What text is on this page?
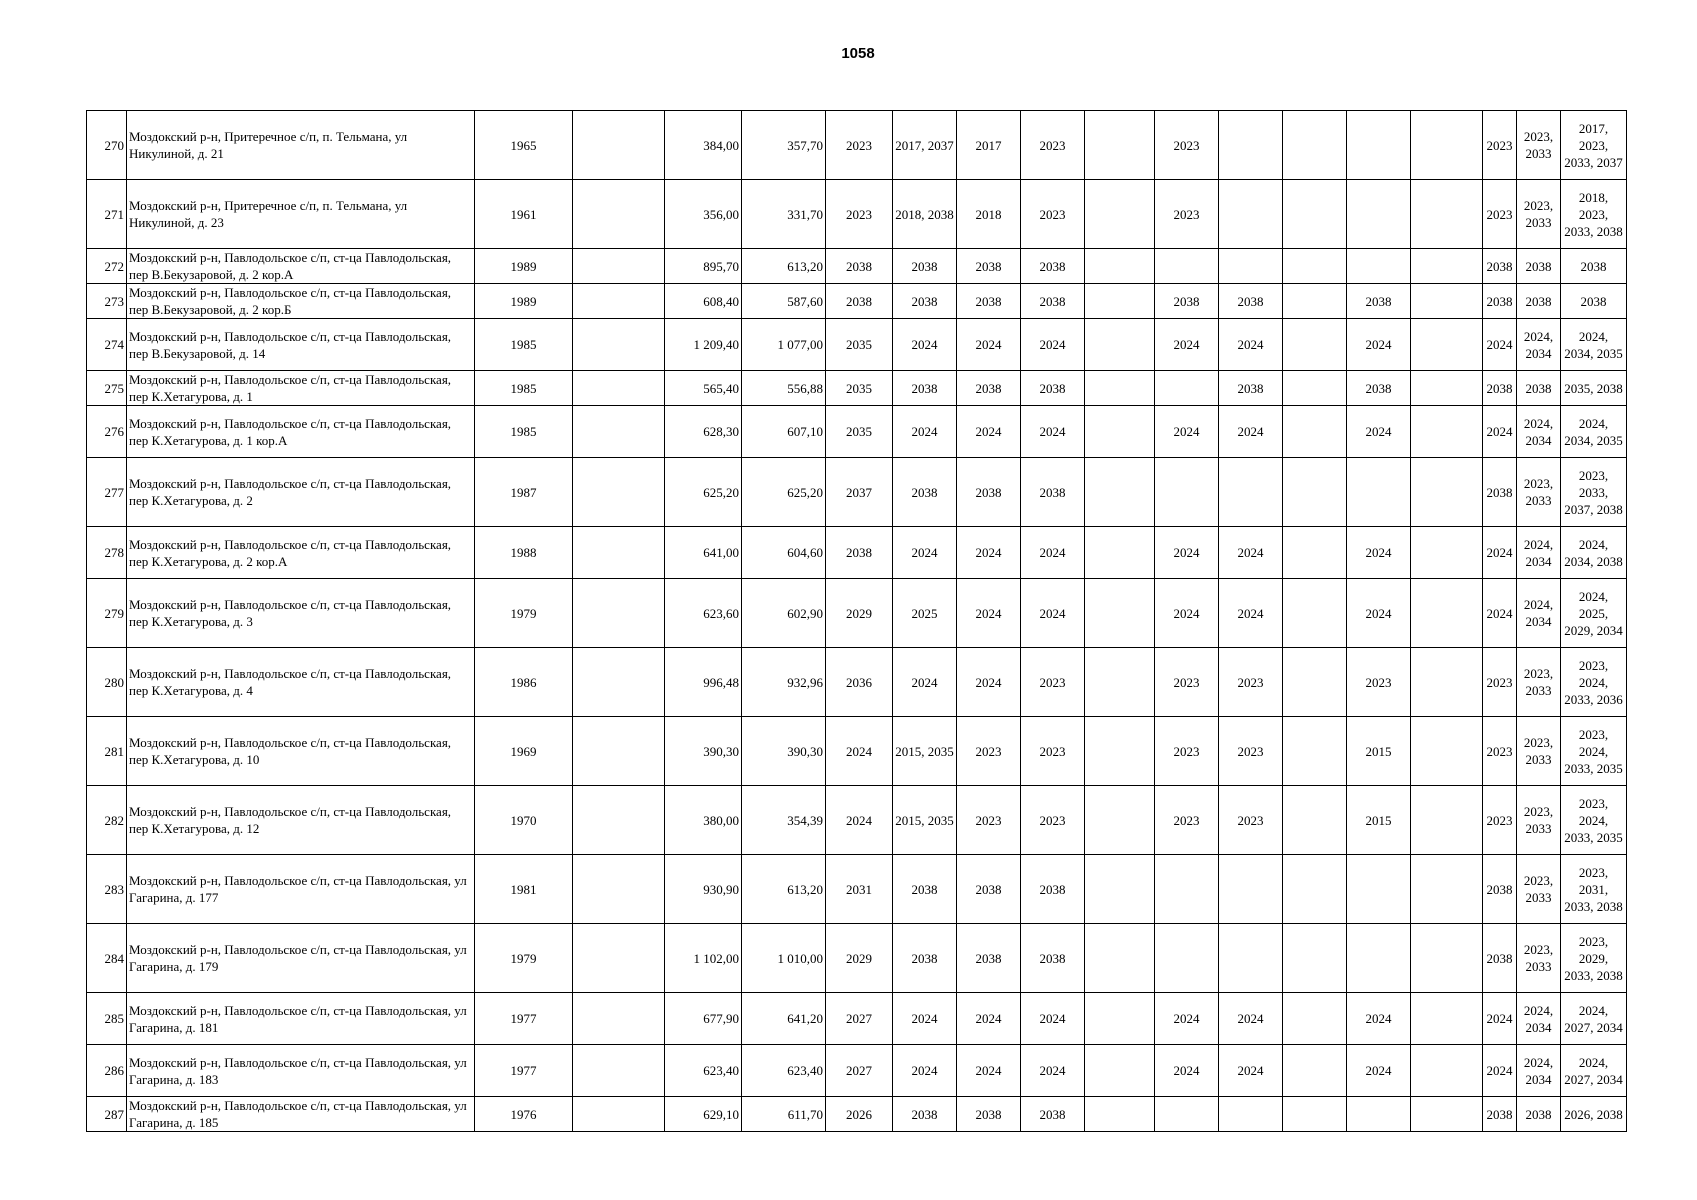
1058
270	Моздокский р-н, Притеречное с/п, п. Тельмана, ул Никулиной, д. 21	1965		384,00	357,70	2023	2017, 2037	2017	2023		2023					2023	2023, 2033	2017, 2023, 2033, 2037
271	Моздокский р-н, Притеречное с/п, п. Тельмана, ул Никулиной, д. 23	1961		356,00	331,70	2023	2018, 2038	2018	2023		2023					2023	2023, 2033	2018, 2023, 2033, 2038
272	Моздокский р-н, Павлодольское с/п, ст-ца Павлодольская, пер В.Бекузаровой, д. 2 кор.А	1989		895,70	613,20	2038	2038	2038	2038							2038	2038	2038
273	Моздокский р-н, Павлодольское с/п, ст-ца Павлодольская, пер В.Бекузаровой, д. 2 кор.Б	1989		608,40	587,60	2038	2038	2038	2038		2038	2038		2038		2038	2038	2038
274	Моздокский р-н, Павлодольское с/п, ст-ца Павлодольская, пер В.Бекузаровой, д. 14	1985		1 209,40	1 077,00	2035	2024	2024	2024		2024	2024		2024		2024	2024, 2034	2024, 2034, 2035
275	Моздокский р-н, Павлодольское с/п, ст-ца Павлодольская, пер К.Хетагурова, д. 1	1985		565,40	556,88	2035	2038	2038	2038			2038		2038		2038	2038	2035, 2038
276	Моздокский р-н, Павлодольское с/п, ст-ца Павлодольская, пер К.Хетагурова, д. 1 кор.А	1985		628,30	607,10	2035	2024	2024	2024		2024	2024		2024		2024	2024, 2034	2024, 2034, 2035
277	Моздокский р-н, Павлодольское с/п, ст-ца Павлодольская, пер К.Хетагурова, д. 2	1987		625,20	625,20	2037	2038	2038	2038							2038	2023, 2033	2023, 2033, 2037, 2038
278	Моздокский р-н, Павлодольское с/п, ст-ца Павлодольская, пер К.Хетагурова, д. 2 кор.А	1988		641,00	604,60	2038	2024	2024	2024		2024	2024		2024		2024	2024, 2034	2024, 2034, 2038
279	Моздокский р-н, Павлодольское с/п, ст-ца Павлодольская, пер К.Хетагурова, д. 3	1979		623,60	602,90	2029	2025	2024	2024		2024	2024		2024		2024	2024, 2034	2024, 2025, 2029, 2034
280	Моздокский р-н, Павлодольское с/п, ст-ца Павлодольская, пер К.Хетагурова, д. 4	1986		996,48	932,96	2036	2024	2024	2023		2023	2023		2023		2023	2023, 2033	2023, 2024, 2033, 2036
281	Моздокский р-н, Павлодольское с/п, ст-ца Павлодольская, пер К.Хетагурова, д. 10	1969		390,30	390,30	2024	2015, 2035	2023	2023		2023	2023		2015		2023	2023, 2033	2023, 2024, 2033, 2035
282	Моздокский р-н, Павлодольское с/п, ст-ца Павлодольская, пер К.Хетагурова, д. 12	1970		380,00	354,39	2024	2015, 2035	2023	2023		2023	2023		2015		2023	2023, 2033	2023, 2024, 2033, 2035
283	Моздокский р-н, Павлодольское с/п, ст-ца Павлодольская, ул Гагарина, д. 177	1981		930,90	613,20	2031	2038	2038	2038							2038	2023, 2033	2023, 2031, 2033, 2038
284	Моздокский р-н, Павлодольское с/п, ст-ца Павлодольская, ул Гагарина, д. 179	1979		1 102,00	1 010,00	2029	2038	2038	2038							2038	2023, 2033	2023, 2029, 2033, 2038
285	Моздокский р-н, Павлодольское с/п, ст-ца Павлодольская, ул Гагарина, д. 181	1977		677,90	641,20	2027	2024	2024	2024		2024	2024		2024		2024	2024, 2034	2024, 2027, 2034
286	Моздокский р-н, Павлодольское с/п, ст-ца Павлодольская, ул Гагарина, д. 183	1977		623,40	623,40	2027	2024	2024	2024		2024	2024		2024		2024	2024, 2034	2024, 2027, 2034
287	Моздокский р-н, Павлодольское с/п, ст-ца Павлодольская, ул Гагарина, д. 185	1976		629,10	611,70	2026	2038	2038	2038							2038	2038	2026, 2038
